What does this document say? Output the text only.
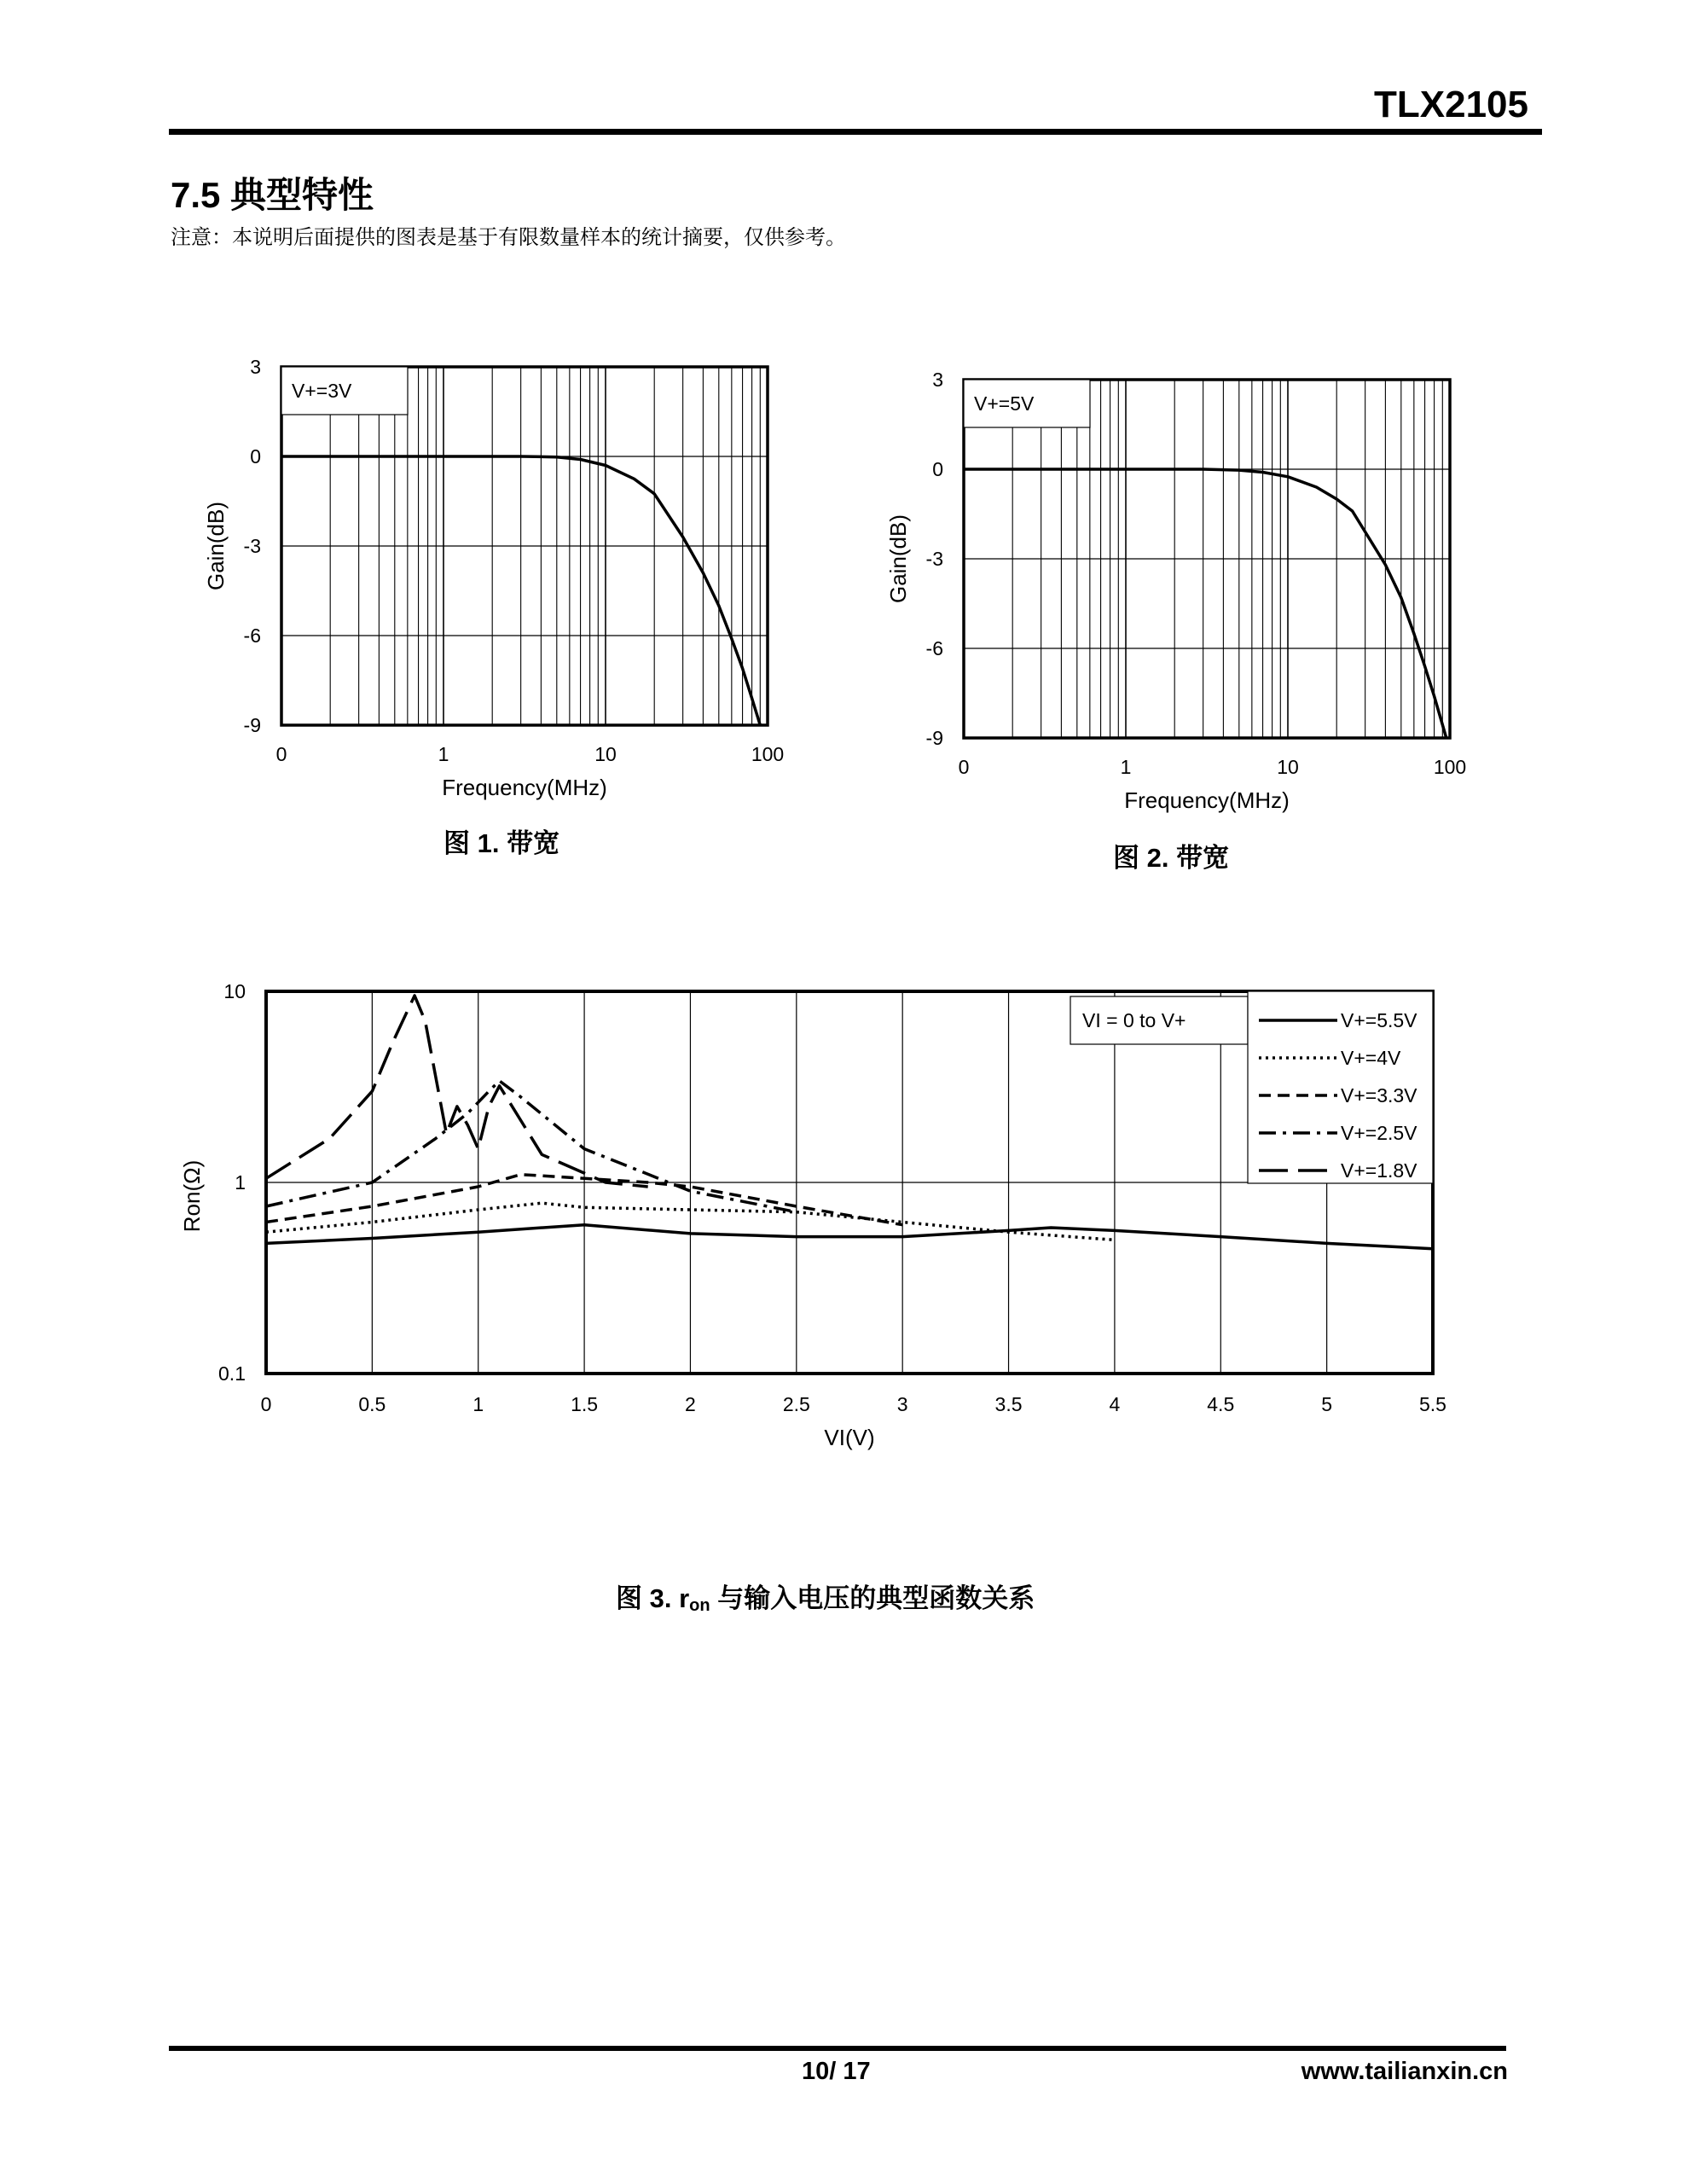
TLX2105
7.5 典型特性
注意：本说明后面提供的图表是基于有限数量样本的统计摘要，仅供参考。
V+=3V
3
0
-3
-6
-9
0	1	10	100
Frequency(MHz)
Gain(dB)
图 1. 带宽
V+=5V
3
0
-3
-6
-9
0	1	10	100
Frequency(MHz)
Gain(dB)
图 2. 带宽
VI = 0 to V+	V+=5.5V
V+=4V
V+=3.3V
V+=2.5V
V+=1.8V
10
1
0.1
0	0.5	1	1.5	2	2.5	3	3.5	4	4.5	5	5.5
VI(V)
Ron(Ω)
图 3. ron 与输入电压的典型函数关系
10/ 17	www.tailianxin.cn
